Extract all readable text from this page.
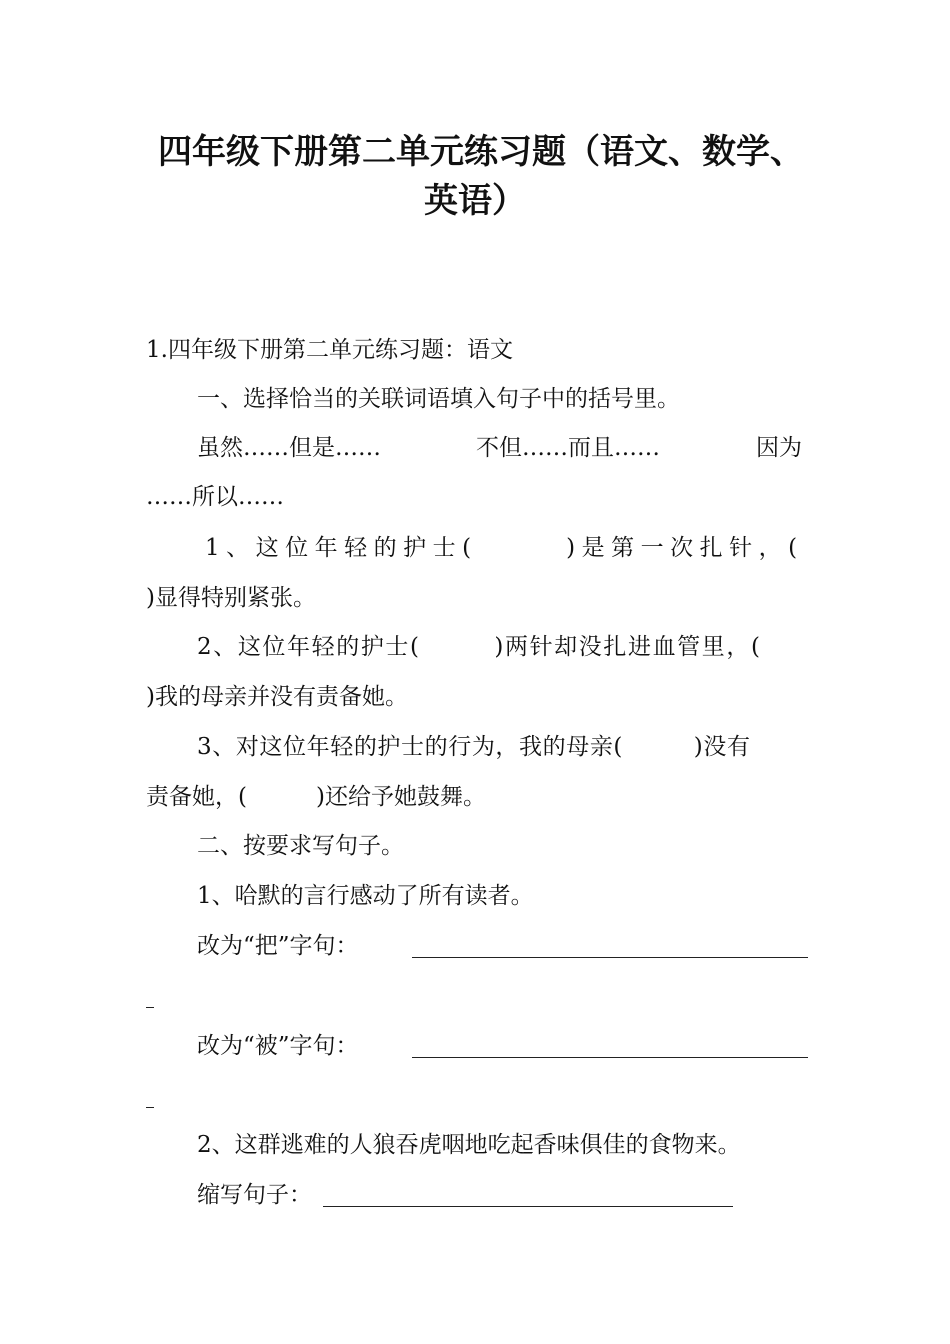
四年级下册第二单元练习题（语文、数学、
英语）
1.四年级下册第二单元练习题：语文
一、选择恰当的关联词语填入句子中的括号里。
虽然……但是……	不但……而且……	因为
……所以……
1、这位年轻的护士(　　　)是第一次扎针，(
)显得特别紧张。
2、这位年轻的护士(　　　)两针却没扎进血管里，(
)我的母亲并没有责备她。
3、对这位年轻的护士的行为，我的母亲(　　　)没有
责备她，(　　　)还给予她鼓舞。
二、按要求写句子。
1、哈默的言行感动了所有读者。
改为“把”字句：
改为“被”字句：
2、这群逃难的人狼吞虎咽地吃起香味俱佳的食物来。
缩写句子：
